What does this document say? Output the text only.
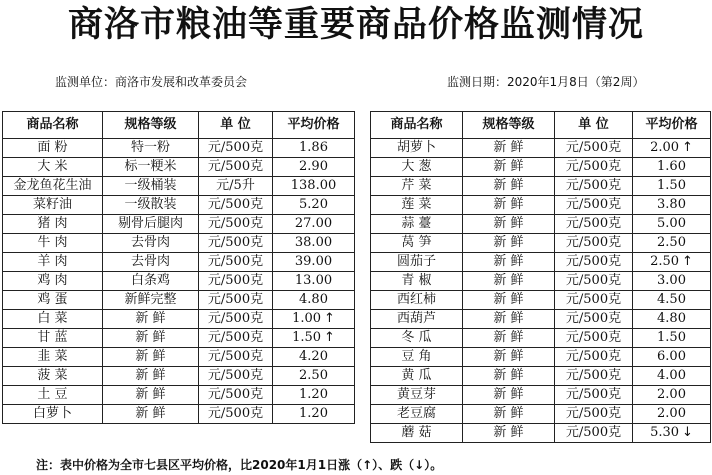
商洛市粮油等重要商品价格监测情况
监测单位：商洛市发展和改革委员会	监测日期：2020年1月8日（第2周）
商品名称	规格等级	单 位	平均价格
面 粉	特一粉	元/500克	1.86
大 米	标一粳米	元/500克	2.90
金龙鱼花生油	一级桶装	元/5升	138.00
菜籽油	一级散装	元/500克	5.20
猪 肉	剔骨后腿肉	元/500克	27.00
牛 肉	去骨肉	元/500克	38.00
羊 肉	去骨肉	元/500克	39.00
鸡 肉	白条鸡	元/500克	13.00
鸡 蛋	新鲜完整	元/500克	4.80
白 菜	新 鲜	元/500克	1.00 ↑
甘 蓝	新 鲜	元/500克	1.50 ↑
韭 菜	新 鲜	元/500克	4.20
菠 菜	新 鲜	元/500克	2.50
土 豆	新 鲜	元/500克	1.20
白萝卜	新 鲜	元/500克	1.20
商品名称	规格等级	单 位	平均价格
胡萝卜	新 鲜	元/500克	2.00 ↑
大 葱	新 鲜	元/500克	1.60
芹 菜	新 鲜	元/500克	1.50
莲 菜	新 鲜	元/500克	3.80
蒜 薹	新 鲜	元/500克	5.00
莴 笋	新 鲜	元/500克	2.50
圆茄子	新 鲜	元/500克	2.50 ↑
青 椒	新 鲜	元/500克	3.00
西红柿	新 鲜	元/500克	4.50
西葫芦	新 鲜	元/500克	4.80
冬 瓜	新 鲜	元/500克	1.50
豆 角	新 鲜	元/500克	6.00
黄 瓜	新 鲜	元/500克	4.00
黄豆芽	新 鲜	元/500克	2.00
老豆腐	新 鲜	元/500克	2.00
蘑 菇	新 鲜	元/500克	5.30 ↓
注：表中价格为全市七县区平均价格，比2020年1月1日涨（↑）、跌（↓）。
